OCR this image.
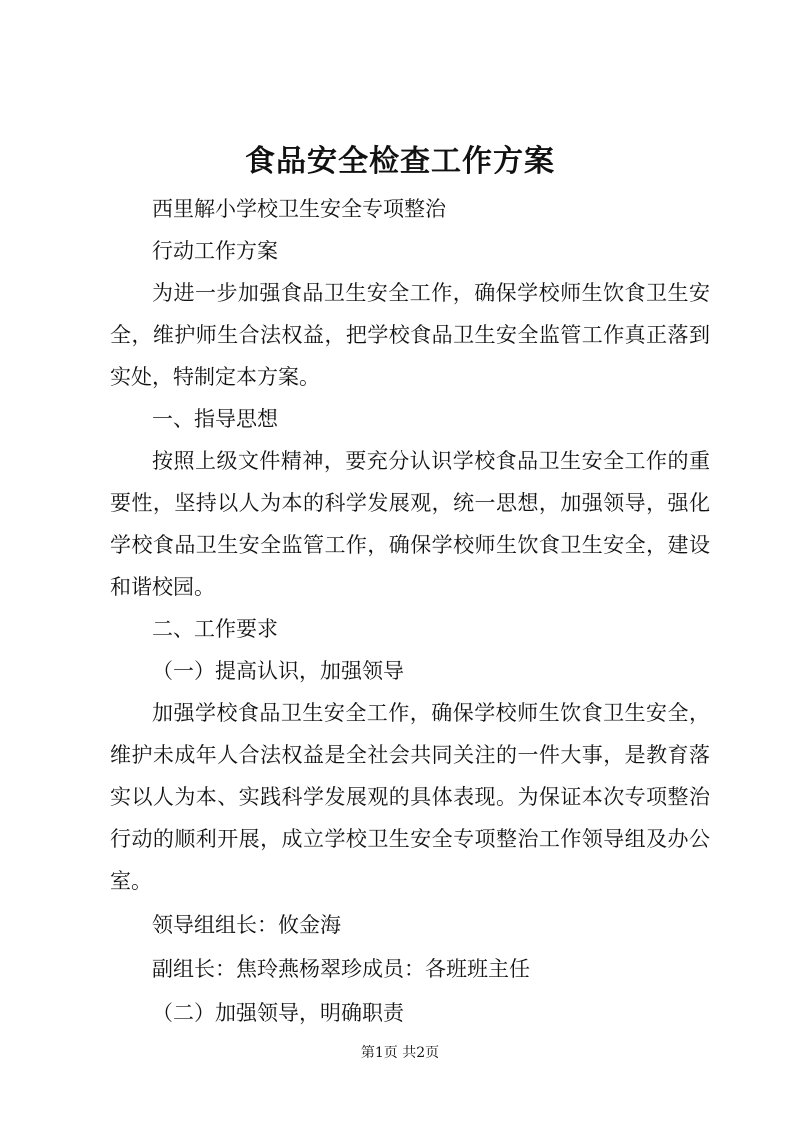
食品安全检查工作方案
西里解小学校卫生安全专项整治
行动工作方案
为进一步加强食品卫生安全工作，确保学校师生饮食卫生安
全，维护师生合法权益，把学校食品卫生安全监管工作真正落到
实处，特制定本方案。
一、指导思想
按照上级文件精神，要充分认识学校食品卫生安全工作的重
要性，坚持以人为本的科学发展观，统一思想，加强领导，强化
学校食品卫生安全监管工作，确保学校师生饮食卫生安全，建设
和谐校园。
二、工作要求
（一）提高认识，加强领导
加强学校食品卫生安全工作，确保学校师生饮食卫生安全，
维护未成年人合法权益是全社会共同关注的一件大事，是教育落
实以人为本、实践科学发展观的具体表现。为保证本次专项整治
行动的顺利开展，成立学校卫生安全专项整治工作领导组及办公
室。
领导组组长：攸金海
副组长：焦玲燕杨翠珍成员：各班班主任
（二）加强领导，明确职责
第1页 共2页
